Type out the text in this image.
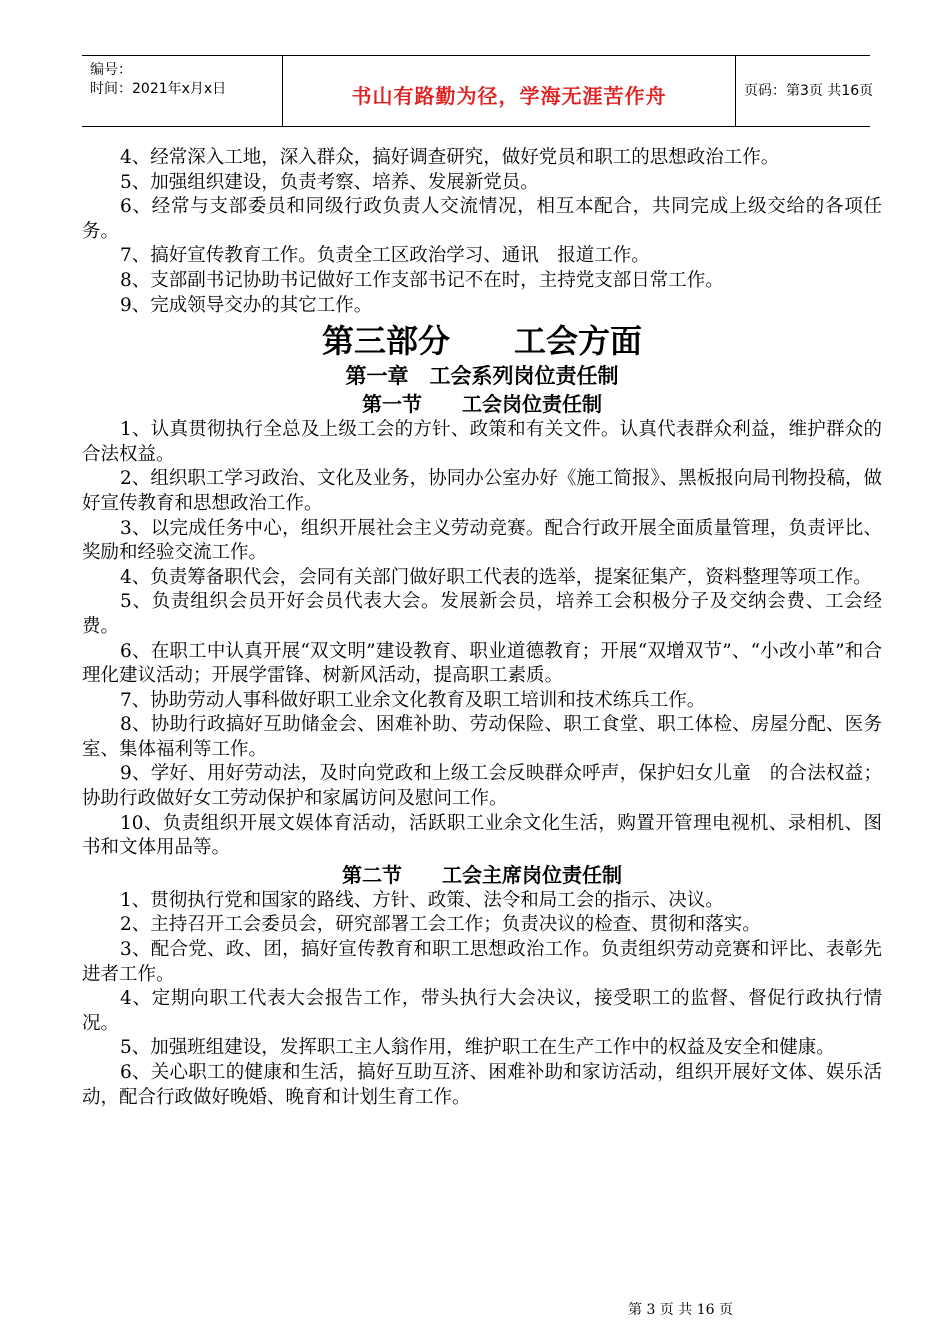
编号：
时间：2021年x月x日	书山有路勤为径，学海无涯苦作舟	页码：第3页 共16页

4、经常深入工地，深入群众，搞好调查研究，做好党员和职工的思想政治工作。

5、加强组织建设，负责考察、培养、发展新党员。

6、经常与支部委员和同级行政负责人交流情况，相互本配合，共同完成上级交给的各项任务。

7、搞好宣传教育工作。负责全工区政治学习、通讯　报道工作。

8、支部副书记协助书记做好工作支部书记不在时，主持党支部日常工作。

9、完成领导交办的其它工作。

第三部分　　工会方面
第一章　工会系列岗位责任制
第一节　　工会岗位责任制

1、认真贯彻执行全总及上级工会的方针、政策和有关文件。认真代表群众利益，维护群众的合法权益。

2、组织职工学习政治、文化及业务，协同办公室办好《施工简报》、黑板报向局刊物投稿，做好宣传教育和思想政治工作。

3、以完成任务中心，组织开展社会主义劳动竞赛。配合行政开展全面质量管理，负责评比、奖励和经验交流工作。

4、负责筹备职代会，会同有关部门做好职工代表的选举，提案征集产，资料整理等项工作。

5、负责组织会员开好会员代表大会。发展新会员，培养工会积极分子及交纳会费、工会经费。

6、在职工中认真开展“双文明”建设教育、职业道德教育；开展“双增双节”、“小改小革”和合理化建议活动；开展学雷锋、树新风活动，提高职工素质。

7、协助劳动人事科做好职工业余文化教育及职工培训和技术练兵工作。

8、协助行政搞好互助储金会、困难补助、劳动保险、职工食堂、职工体检、房屋分配、医务室、集体福利等工作。

9、学好、用好劳动法，及时向党政和上级工会反映群众呼声，保护妇女儿童　的合法权益；协助行政做好女工劳动保护和家属访问及慰问工作。

10、负责组织开展文娱体育活动，活跃职工业余文化生活，购置开管理电视机、录相机、图书和文体用品等。

第二节　　工会主席岗位责任制

1、贯彻执行党和国家的路线、方针、政策、法令和局工会的指示、决议。

2、主持召开工会委员会，研究部署工会工作；负责决议的检查、贯彻和落实。

3、配合党、政、团，搞好宣传教育和职工思想政治工作。负责组织劳动竞赛和评比、表彰先进者工作。

4、定期向职工代表大会报告工作，带头执行大会决议，接受职工的监督、督促行政执行情况。

5、加强班组建设，发挥职工主人翁作用，维护职工在生产工作中的权益及安全和健康。

6、关心职工的健康和生活，搞好互助互济、困难补助和家访活动，组织开展好文体、娱乐活动，配合行政做好晚婚、晚育和计划生育工作。

第 3 页 共 16 页
